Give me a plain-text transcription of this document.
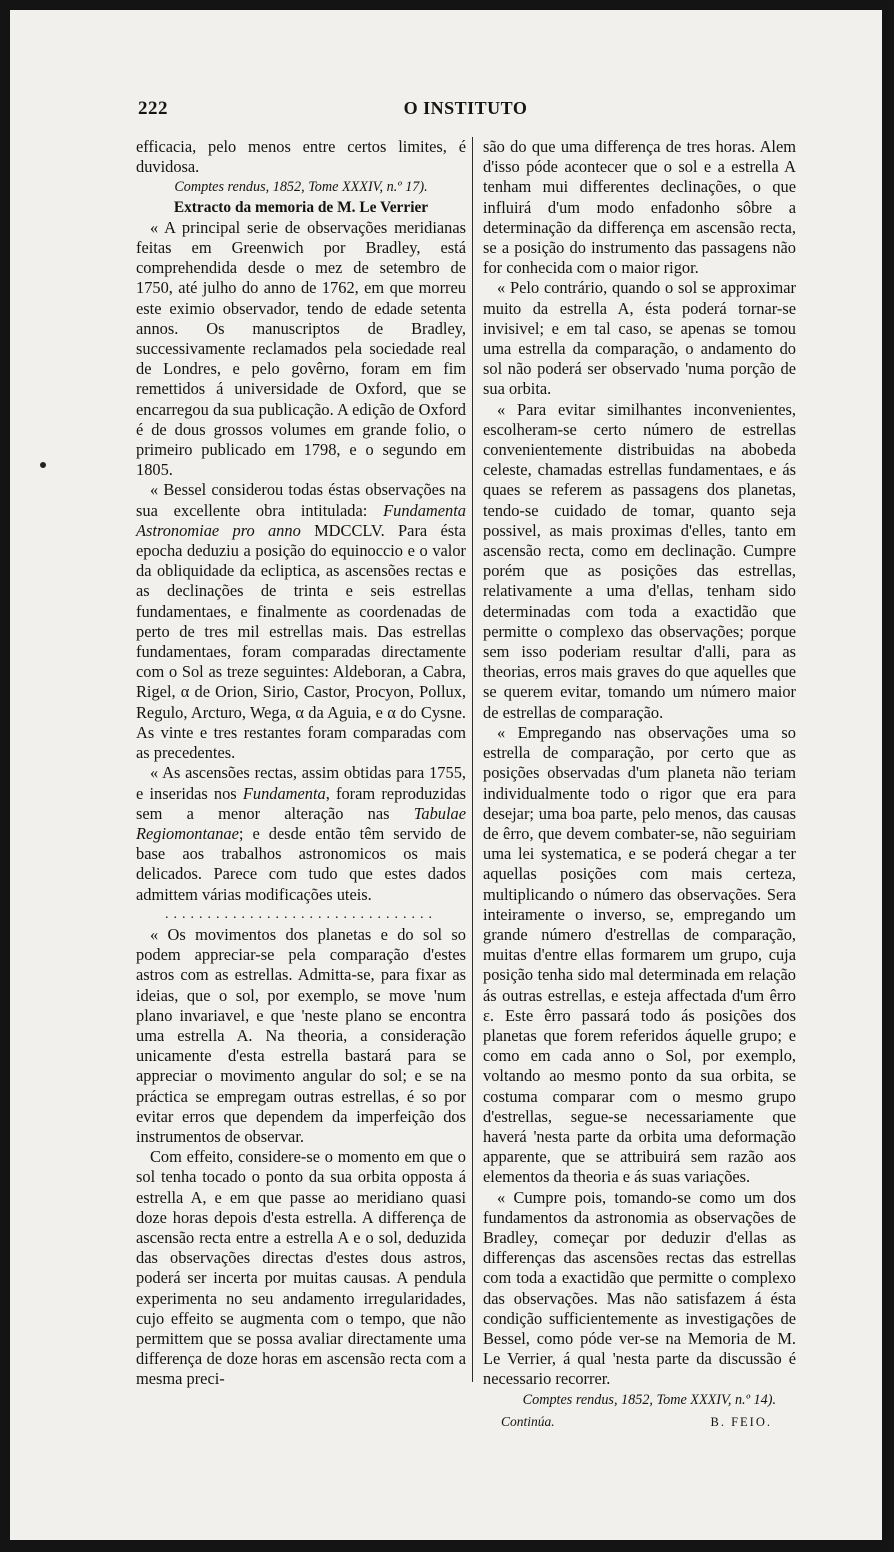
222	O INSTITUTO

efficacia, pelo menos entre certos limites, é duvidosa.

Comptes rendus, 1852, Tome XXXIV, n.º 17).

Extracto da memoria de M. Le Verrier

« A principal serie de observações meridianas feitas em Greenwich por Bradley, está comprehendida desde o mez de setembro de 1750, até julho do anno de 1762, em que morreu este eximio observador, tendo de edade setenta annos. Os manuscriptos de Bradley, successivamente reclamados pela sociedade real de Londres, e pelo govêrno, foram em fim remettidos á universidade de Oxford, que se encarregou da sua publicação. A edição de Oxford é de dous grossos volumes em grande folio, o primeiro publicado em 1798, e o segundo em 1805.

« Bessel considerou todas éstas observações na sua excellente obra intitulada: Fundamenta Astronomiae pro anno MDCCLV. Para ésta epocha deduziu a posição do equinoccio e o valor da obliquidade da ecliptica, as ascensões rectas e as declinações de trinta e seis estrellas fundamentaes, e finalmente as coordenadas de perto de tres mil estrellas mais. Das estrellas fundamentaes, foram comparadas directamente com o Sol as treze seguintes: Aldeboran, a Cabra, Rigel, α de Orion, Sirio, Castor, Procyon, Pollux, Regulo, Arcturo, Wega, α da Aguia, e α do Cysne. As vinte e tres restantes foram comparadas com as precedentes.

« As ascensões rectas, assim obtidas para 1755, e inseridas nos Fundamenta, foram reproduzidas sem a menor alteração nas Tabulae Regiomontanae; e desde então têm servido de base aos trabalhos astronomicos os mais delicados. Parece com tudo que estes dados admittem várias modificações uteis.

................................

« Os movimentos dos planetas e do sol so podem appreciar-se pela comparação d'estes astros com as estrellas. Admitta-se, para fixar as ideias, que o sol, por exemplo, se move 'num plano invariavel, e que 'neste plano se encontra uma estrella A. Na theoria, a consideração unicamente d'esta estrella bastará para se appreciar o movimento angular do sol; e se na práctica se empregam outras estrellas, é so por evitar erros que dependem da imperfeição dos instrumentos de observar.

Com effeito, considere-se o momento em que o sol tenha tocado o ponto da sua orbita opposta á estrella A, e em que passe ao meridiano quasi doze horas depois d'esta estrella. A differença de ascensão recta entre a estrella A e o sol, deduzida das observações directas d'estes dous astros, poderá ser incerta por muitas causas. A pendula experimenta no seu andamento irregularidades, cujo effeito se augmenta com o tempo, que não permittem que se possa avaliar directamente uma differença de doze horas em ascensão recta com a mesma preci-

são do que uma differença de tres horas. Alem d'isso póde acontecer que o sol e a estrella A tenham mui differentes declinações, o que influirá d'um modo enfadonho sôbre a determinação da differença em ascensão recta, se a posição do instrumento das passagens não for conhecida com o maior rigor.

« Pelo contrário, quando o sol se approximar muito da estrella A, ésta poderá tornar-se invisivel; e em tal caso, se apenas se tomou uma estrella da comparação, o andamento do sol não poderá ser observado 'numa porção de sua orbita.

« Para evitar similhantes inconvenientes, escolheram-se certo número de estrellas convenientemente distribuidas na abobeda celeste, chamadas estrellas fundamentaes, e ás quaes se referem as passagens dos planetas, tendo-se cuidado de tomar, quanto seja possivel, as mais proximas d'elles, tanto em ascensão recta, como em declinação. Cumpre porém que as posições das estrellas, relativamente a uma d'ellas, tenham sido determinadas com toda a exactidão que permitte o complexo das observações; porque sem isso poderiam resultar d'alli, para as theorias, erros mais graves do que aquelles que se querem evitar, tomando um número maior de estrellas de comparação.

« Empregando nas observações uma so estrella de comparação, por certo que as posições observadas d'um planeta não teriam individualmente todo o rigor que era para desejar; uma boa parte, pelo menos, das causas de êrro, que devem combater-se, não seguiriam uma lei systematica, e se poderá chegar a ter aquellas posições com mais certeza, multiplicando o número das observações. Sera inteiramente o inverso, se, empregando um grande número d'estrellas de comparação, muitas d'entre ellas formarem um grupo, cuja posição tenha sido mal determinada em relação ás outras estrellas, e esteja affectada d'um êrro ε. Este êrro passará todo ás posições dos planetas que forem referidos áquelle grupo; e como em cada anno o Sol, por exemplo, voltando ao mesmo ponto da sua orbita, se costuma comparar com o mesmo grupo d'estrellas, segue-se necessariamente que haverá 'nesta parte da orbita uma deformação apparente, que se attribuirá sem razão aos elementos da theoria e ás suas variações.

« Cumpre pois, tomando-se como um dos fundamentos da astronomia as observações de Bradley, começar por deduzir d'ellas as differenças das ascensões rectas das estrellas com toda a exactidão que permitte o complexo das observações. Mas não satisfazem á ésta condição sufficientemente as investigações de Bessel, como póde ver-se na Memoria de M. Le Verrier, á qual 'nesta parte da discussão é necessario recorrer.

Comptes rendus, 1852, Tome XXXIV, n.º 14).

Continúa.	B. FEIO.
